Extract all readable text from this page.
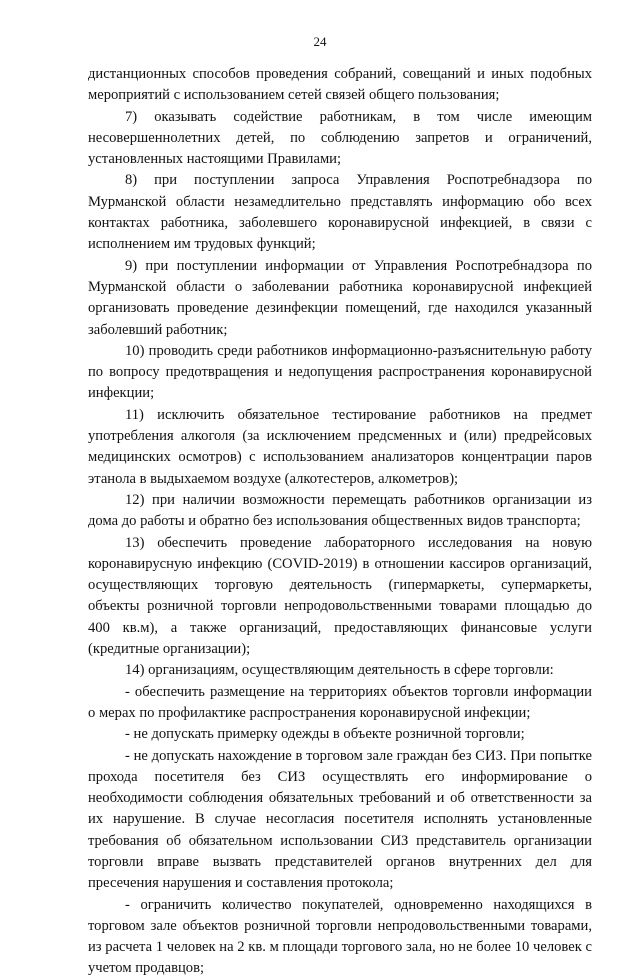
24

дистанционных способов проведения собраний, совещаний и иных подобных мероприятий с использованием сетей связей общего пользования;

7) оказывать содействие работникам, в том числе имеющим несовершеннолетних детей, по соблюдению запретов и ограничений, установленных настоящими Правилами;

8) при поступлении запроса Управления Роспотребнадзора по Мурманской области незамедлительно представлять информацию обо всех контактах работника, заболевшего коронавирусной инфекцией, в связи с исполнением им трудовых функций;

9) при поступлении информации от Управления Роспотребнадзора по Мурманской области о заболевании работника коронавирусной инфекцией организовать проведение дезинфекции помещений, где находился указанный заболевший работник;

10) проводить среди работников информационно-разъяснительную работу по вопросу предотвращения и недопущения распространения коронавирусной инфекции;

11) исключить обязательное тестирование работников на предмет употребления алкоголя (за исключением предсменных и (или) предрейсовых медицинских осмотров) с использованием анализаторов концентрации паров этанола в выдыхаемом воздухе (алкотестеров, алкометров);

12) при наличии возможности перемещать работников организации из дома до работы и обратно без использования общественных видов транспорта;

13) обеспечить проведение лабораторного исследования на новую коронавирусную инфекцию (COVID-2019) в отношении кассиров организаций, осуществляющих торговую деятельность (гипермаркеты, супермаркеты, объекты розничной торговли непродовольственными товарами площадью до 400 кв.м), а также организаций, предоставляющих финансовые услуги (кредитные организации);

14) организациям, осуществляющим деятельность в сфере торговли:

- обеспечить размещение на территориях объектов торговли информации о мерах по профилактике распространения коронавирусной инфекции;

- не допускать примерку одежды в объекте розничной торговли;

- не допускать нахождение в торговом зале граждан без СИЗ. При попытке прохода посетителя без СИЗ осуществлять его информирование о необходимости соблюдения обязательных требований и об ответственности за их нарушение. В случае несогласия посетителя исполнять установленные требования об обязательном использовании СИЗ представитель организации торговли вправе вызвать представителей органов внутренних дел для пресечения нарушения и составления протокола;

- ограничить количество покупателей, одновременно находящихся в торговом зале объектов розничной торговли непродовольственными товарами, из расчета 1 человек на 2 кв. м площади торгового зала, но не более 10 человек с учетом продавцов;
